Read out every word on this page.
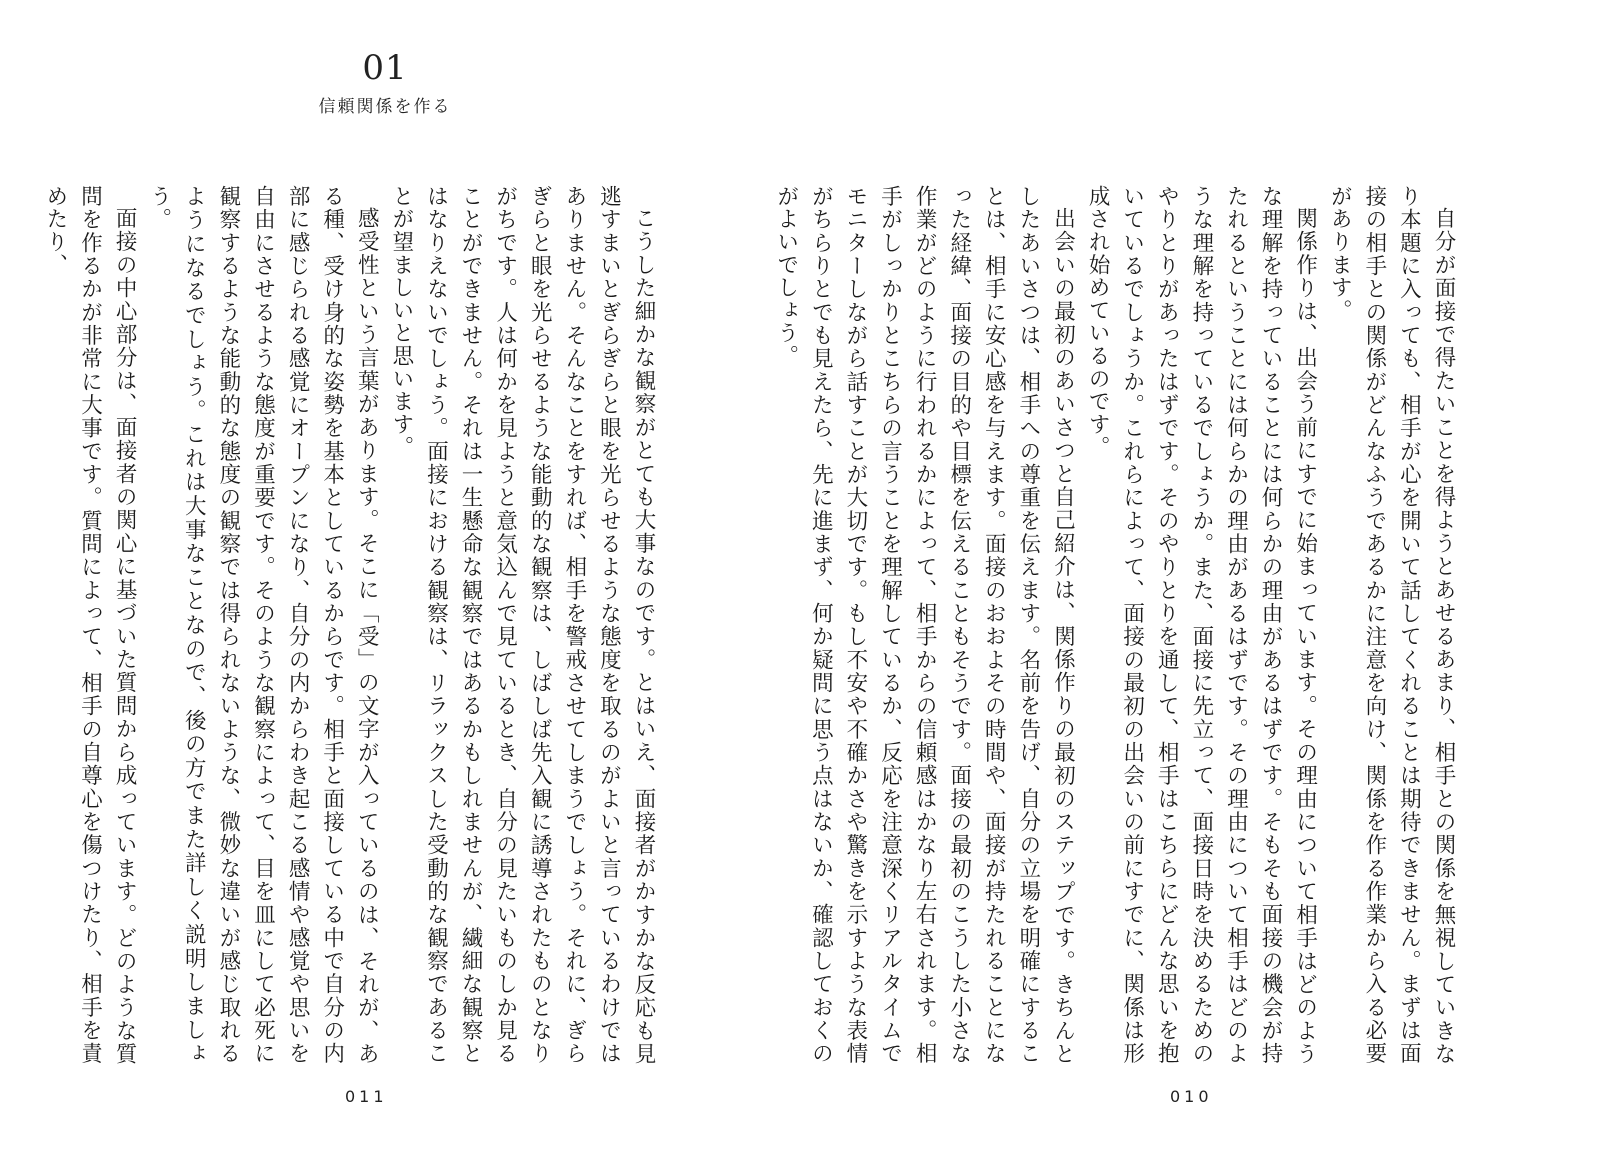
01
信頼関係を作る

こうした細かな観察がとても大事なのです。とはいえ、面接者がかすかな反応も見逃すまいとぎらぎらと眼を光らせるような態度を取るのがよいと言っているわけではありません。そんなことをすれば、相手を警戒させてしまうでしょう。それに、ぎらぎらと眼を光らせるような能動的な観察は、しばしば先入観に誘導されたものとなりがちです。人は何かを見ようと意気込んで見ているとき、自分の見たいものしか見ることができません。それは一生懸命な観察ではあるかもしれませんが、繊細な観察とはなりえないでしょう。面接における観察は、リラックスした受動的な観察であることが望ましいと思います。

感受性という言葉があります。そこに「受」の文字が入っているのは、それが、ある種、受け身的な姿勢を基本としているからです。相手と面接している中で自分の内部に感じられる感覚にオープンになり、自分の内からわき起こる感情や感覚や思いを自由にさせるような態度が重要です。そのような観察によって、目を皿にして必死に観察するような能動的な態度の観察では得られないような、微妙な違いが感じ取れるようになるでしょう。これは大事なことなので、後の方でまた詳しく説明しましょう。

面接の中心部分は、面接者の関心に基づいた質問から成っています。どのような質問を作るかが非常に大事です。質問によって、相手の自尊心を傷つけたり、相手を責めたり、

011

自分が面接で得たいことを得ようとあせるあまり、相手との関係を無視していきなり本題に入っても、相手が心を開いて話してくれることは期待できません。まずは面接の相手との関係がどんなふうであるかに注意を向け、関係を作る作業から入る必要があります。

関係作りは、出会う前にすでに始まっています。その理由について相手はどのような理解を持っていることには何らかの理由があるはずです。そもそも面接の機会が持たれるということには何らかの理由があるはずです。その理由について相手はどのような理解を持っているでしょうか。また、面接に先立って、面接日時を決めるためのやりとりがあったはずです。そのやりとりを通して、相手はこちらにどんな思いを抱いているでしょうか。これらによって、面接の最初の出会いの前にすでに、関係は形成され始めているのです。

出会いの最初のあいさつと自己紹介は、関係作りの最初のステップです。きちんとしたあいさつは、相手への尊重を伝えます。名前を告げ、自分の立場を明確にすることは、相手に安心感を与えます。面接のおおよその時間や、面接が持たれることになった経緯、面接の目的や目標を伝えることもそうです。面接の最初のこうした小さな作業がどのように行われるかによって、相手からの信頼感はかなり左右されます。相手がしっかりとこちらの言うことを理解しているか、反応を注意深くリアルタイムでモニターしながら話すことが大切です。もし不安や不確かさや驚きを示すような表情がちらりとでも見えたら、先に進まず、何か疑問に思う点はないか、確認しておくのがよいでしょう。

010
